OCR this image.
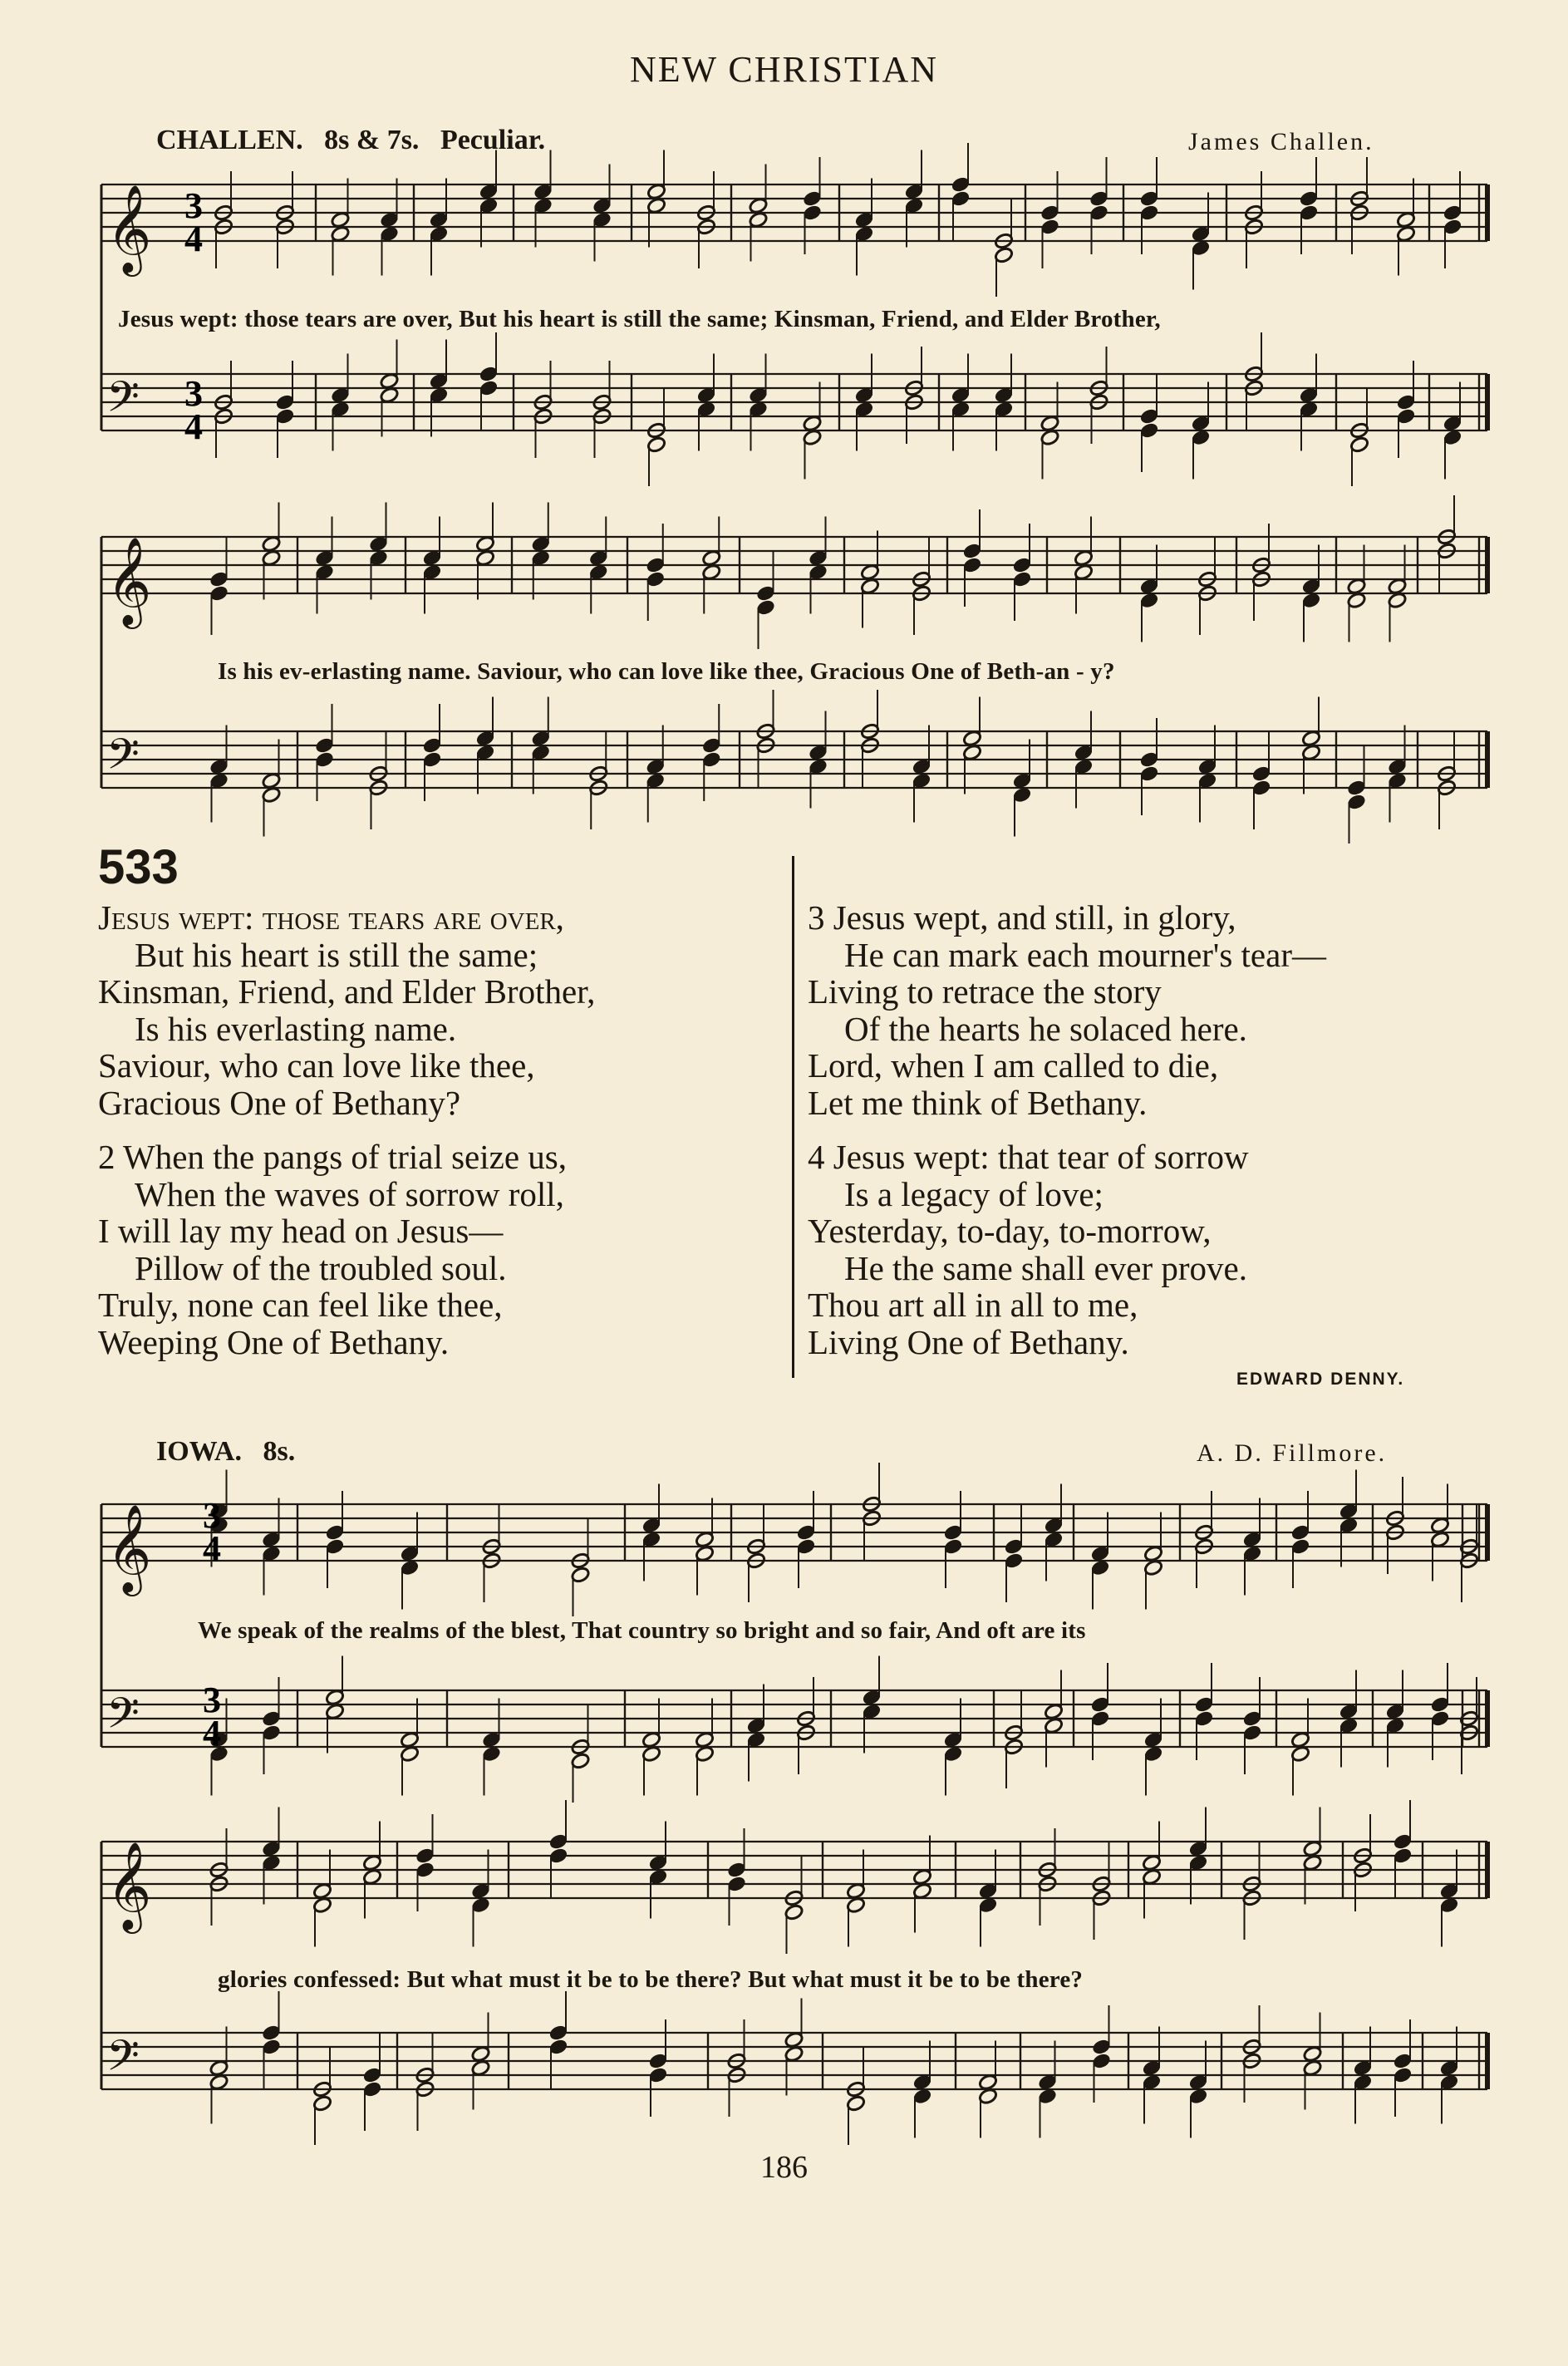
NEW CHRISTIAN
CHALLEN. 8s & 7s. Peculiar.	James Challen.
IOWA. 8s.	A. D. Fillmore.
𝄞
𝄢
𝄞
𝄢
𝄞
𝄢
𝄞
𝄢
3
4
3
4
3
4
3
4
Jesus wept: those tears are over, But his heart is still the same; Kinsman, Friend, and Elder Brother,
Is his ev-erlasting name. Saviour, who can love like thee, Gracious One of Beth-an - y?
We speak of the realms of the blest, That country so bright and so fair, And oft are its
glories confessed: But what must it be to be there? But what must it be to be there?
533
Jesus wept: those tears are over,
But his heart is still the same;
Kinsman, Friend, and Elder Brother,
Is his everlasting name.
Saviour, who can love like thee,
Gracious One of Bethany?
2 When the pangs of trial seize us,
When the waves of sorrow roll,
I will lay my head on Jesus—
Pillow of the troubled soul.
Truly, none can feel like thee,
Weeping One of Bethany.
3 Jesus wept, and still, in glory,
He can mark each mourner's tear—
Living to retrace the story
Of the hearts he solaced here.
Lord, when I am called to die,
Let me think of Bethany.
4 Jesus wept: that tear of sorrow
Is a legacy of love;
Yesterday, to-day, to-morrow,
He the same shall ever prove.
Thou art all in all to me,
Living One of Bethany.
EDWARD DENNY.
186
